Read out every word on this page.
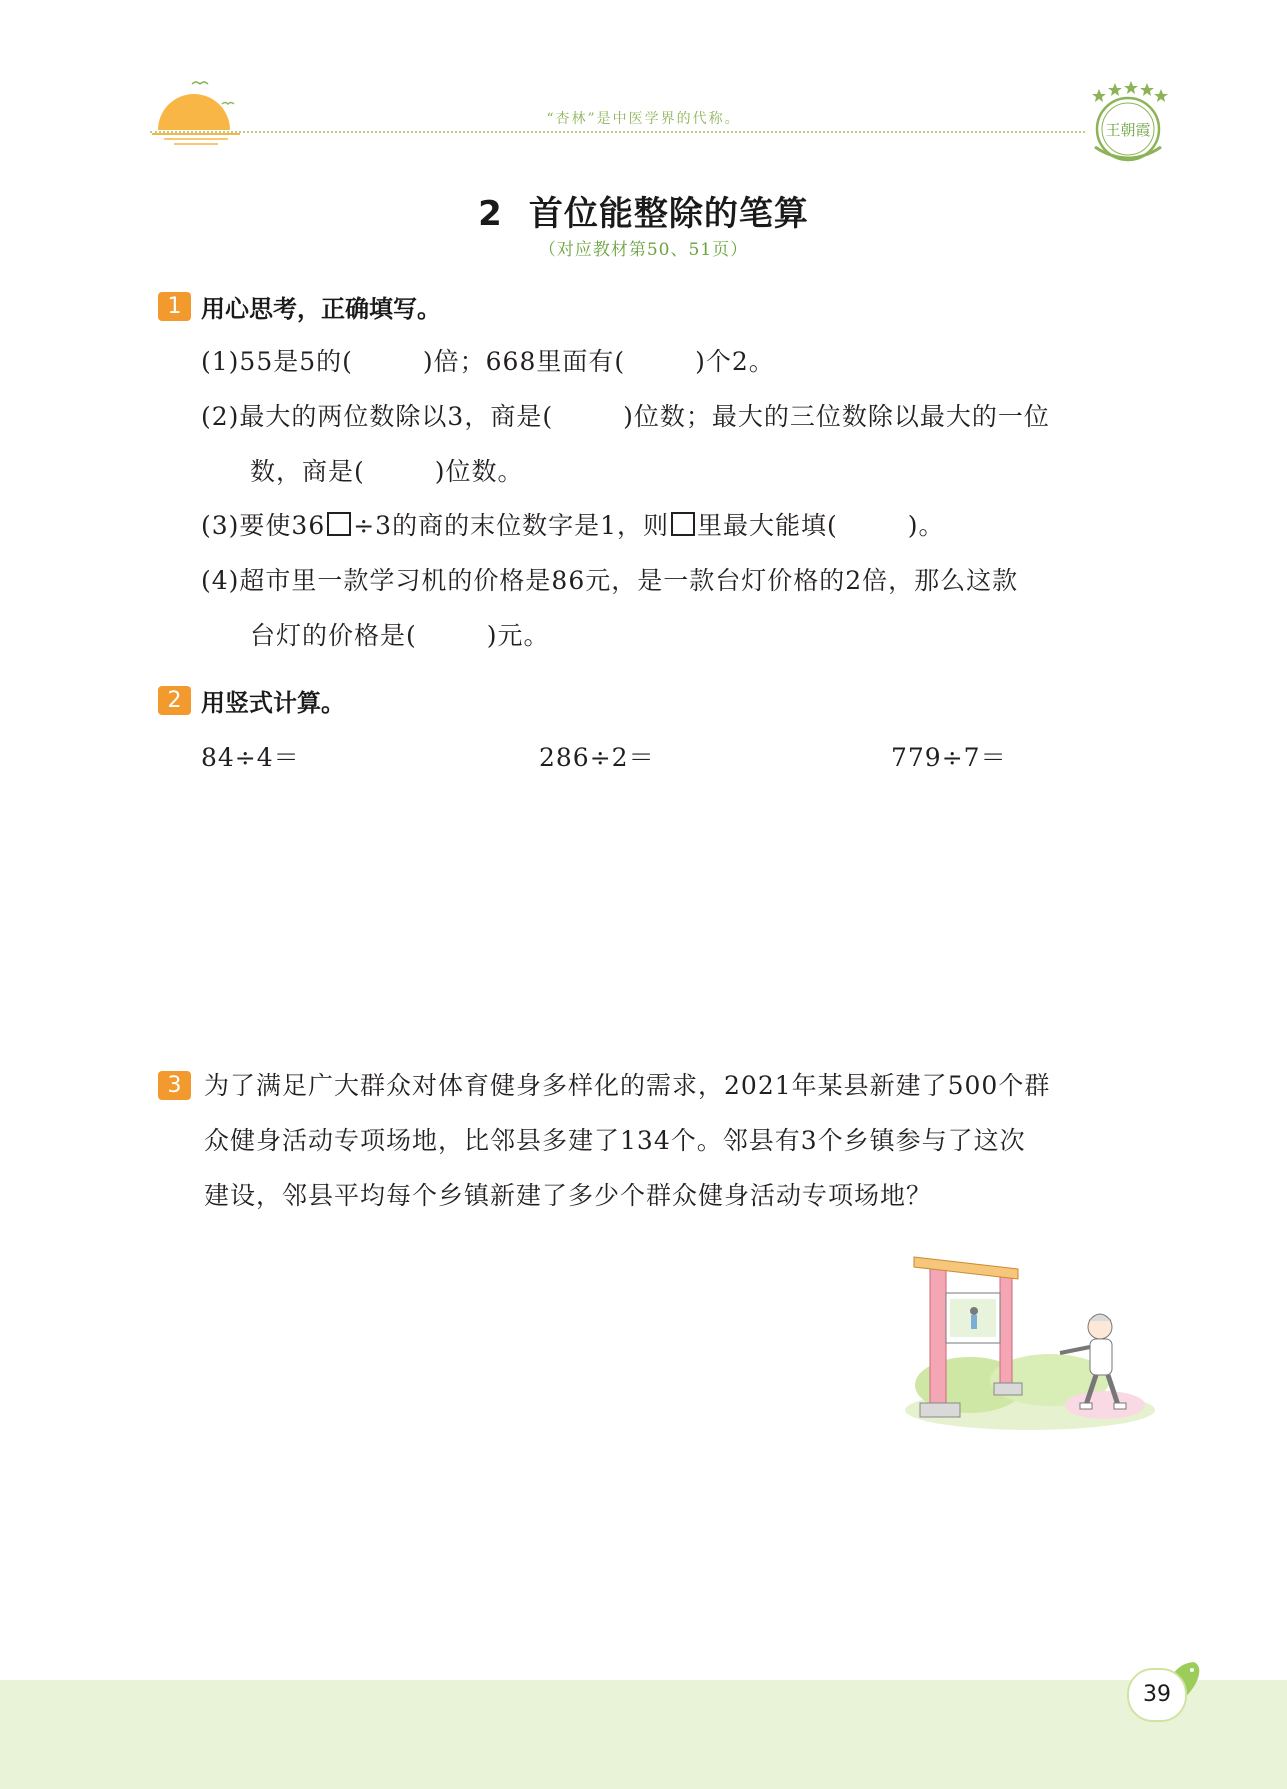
“杏林”是中医学界的代称。
王朝霞
2 首位能整除的笔算
（对应教材第50、51页）
1 用心思考，正确填写。
(1)55是5的(	)倍；668里面有(	)个2。
(2)最大的两位数除以3，商是(	)位数；最大的三位数除以最大的一位
数，商是(	)位数。
(3)要使36 ÷3的商的末位数字是1，则 里最大能填(	)。
(4)超市里一款学习机的价格是86元，是一款台灯价格的2倍，那么这款
台灯的价格是(	)元。
2 用竖式计算。
84÷4＝	286÷2＝	779÷7＝
3 为了满足广大群众对体育健身多样化的需求，2021年某县新建了500个群
众健身活动专项场地，比邻县多建了134个。邻县有3个乡镇参与了这次
建设，邻县平均每个乡镇新建了多少个群众健身活动专项场地？
39
